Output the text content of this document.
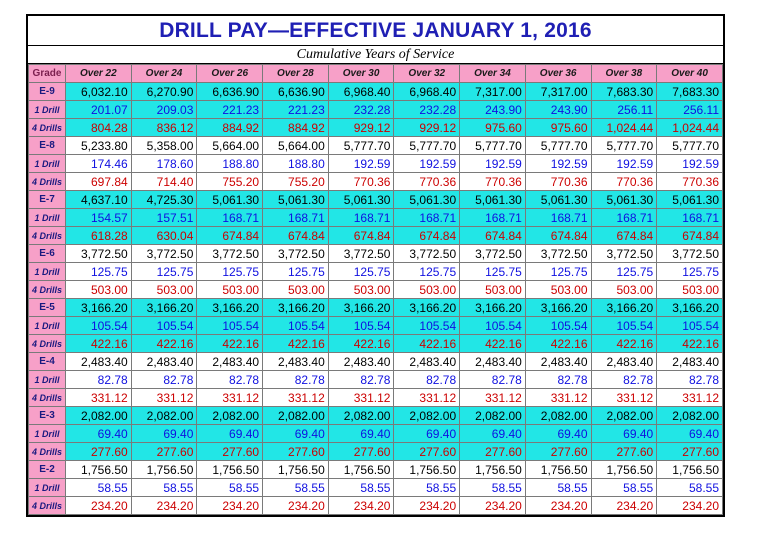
DRILL PAY—EFFECTIVE JANUARY 1, 2016
Cumulative Years of Service
Grade	Over 22	Over 24	Over 26	Over 28	Over 30	Over 32	Over 34	Over 36	Over 38	Over 40
E-9	6,032.10	6,270.90	6,636.90	6,636.90	6,968.40	6,968.40	7,317.00	7,317.00	7,683.30	7,683.30
1 Drill	201.07	209.03	221.23	221.23	232.28	232.28	243.90	243.90	256.11	256.11
4 Drills	804.28	836.12	884.92	884.92	929.12	929.12	975.60	975.60	1,024.44	1,024.44
E-8	5,233.80	5,358.00	5,664.00	5,664.00	5,777.70	5,777.70	5,777.70	5,777.70	5,777.70	5,777.70
1 Drill	174.46	178.60	188.80	188.80	192.59	192.59	192.59	192.59	192.59	192.59
4 Drills	697.84	714.40	755.20	755.20	770.36	770.36	770.36	770.36	770.36	770.36
E-7	4,637.10	4,725.30	5,061.30	5,061.30	5,061.30	5,061.30	5,061.30	5,061.30	5,061.30	5,061.30
1 Drill	154.57	157.51	168.71	168.71	168.71	168.71	168.71	168.71	168.71	168.71
4 Drills	618.28	630.04	674.84	674.84	674.84	674.84	674.84	674.84	674.84	674.84
E-6	3,772.50	3,772.50	3,772.50	3,772.50	3,772.50	3,772.50	3,772.50	3,772.50	3,772.50	3,772.50
1 Drill	125.75	125.75	125.75	125.75	125.75	125.75	125.75	125.75	125.75	125.75
4 Drills	503.00	503.00	503.00	503.00	503.00	503.00	503.00	503.00	503.00	503.00
E-5	3,166.20	3,166.20	3,166.20	3,166.20	3,166.20	3,166.20	3,166.20	3,166.20	3,166.20	3,166.20
1 Drill	105.54	105.54	105.54	105.54	105.54	105.54	105.54	105.54	105.54	105.54
4 Drills	422.16	422.16	422.16	422.16	422.16	422.16	422.16	422.16	422.16	422.16
E-4	2,483.40	2,483.40	2,483.40	2,483.40	2,483.40	2,483.40	2,483.40	2,483.40	2,483.40	2,483.40
1 Drill	82.78	82.78	82.78	82.78	82.78	82.78	82.78	82.78	82.78	82.78
4 Drills	331.12	331.12	331.12	331.12	331.12	331.12	331.12	331.12	331.12	331.12
E-3	2,082.00	2,082.00	2,082.00	2,082.00	2,082.00	2,082.00	2,082.00	2,082.00	2,082.00	2,082.00
1 Drill	69.40	69.40	69.40	69.40	69.40	69.40	69.40	69.40	69.40	69.40
4 Drills	277.60	277.60	277.60	277.60	277.60	277.60	277.60	277.60	277.60	277.60
E-2	1,756.50	1,756.50	1,756.50	1,756.50	1,756.50	1,756.50	1,756.50	1,756.50	1,756.50	1,756.50
1 Drill	58.55	58.55	58.55	58.55	58.55	58.55	58.55	58.55	58.55	58.55
4 Drills	234.20	234.20	234.20	234.20	234.20	234.20	234.20	234.20	234.20	234.20
